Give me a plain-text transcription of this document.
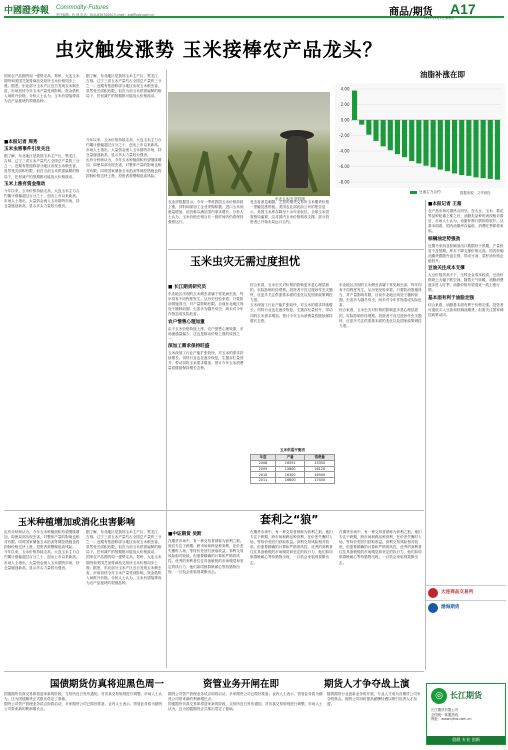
中國證券報 Commodity·Futures
责任编辑：孙 涛 电话：010-63070000 E-mail：zzb@zzb.com.cn	商品/期货 A17
2011年4月1日 星期五
虫灾触发涨势 玉米接棒农产品龙头？
国家农产品期货周一强势走高，郑州、大连玉米期货和美国芝加哥商品交易所玉米价格同步上涨。据悉，东北部分玉米产区近日发现玉米螟虫害，市场担忧今年玉米产量受到影响，资金借机入场推升价格。分析人士认为，玉米有望接棒成为农产品板块的领涨品种。
据了解，东北地区是我国玉米主产区，黑龙江、吉林、辽宁三省玉米产量约占全国总产量的三分之一。近期有报道称部分地区出现玉米螟虫害，虽然受灾面积有限，但在当前玉米供需偏紧的格局下，任何减产的预期都可能放大价格波动。
■本报记者 周秀
玉米虫害事件引发关注
据了解，东北地区是我国玉米主产区，黑龙江、吉林、辽宁三省玉米产量约占全国总产量的三分之一。近期有报道称部分地区出现玉米螟虫害，虽然受灾面积有限，但在当前玉米供需偏紧的格局下，任何减产的预期都可能放大价格波动。
玉米上涨有资金推动
今年以来，玉米价格持续走高，大连玉米主力合约累计涨幅超过百分之十，创出上市以来新高。市场人士指出，大量资金流入玉米期货市场，持仓量屡创新高，显示多头力量较为强劲。
今年以来，玉米价格持续走高，大连玉米主力合约累计涨幅超过百分之十，创出上市以来新高。市场人士指出，大量资金流入玉米期货市场，持仓量屡创新高，显示多头力量较为强劲。
也有分析师认为，今年玉米种植面积有望继续增加，即使局部出现虫害，对整体产量的影响也相对有限。同时国家储备玉米拍卖等调控措施也将抑制价格过快上涨，投资者需警惕追高风险。
东北玉米田 资料图
农业部数据显示，今年一季度我国玉米价格持续上涨，饲料和深加工企业采购积极。进口玉米到港量增加，但仍难以满足国内需求增长。分析人士认为，玉米价格在相当长一段时间内仍将保持强势运行。
受虫害消息刺激，芝加哥期货交易所玉米期货价格一度触及涨停板。美国农业部此前公布的报告显示，美国玉米库存降至十余年来低位，全球玉米供需格局偏紧，这对国内玉米价格构成支撑。部分投资者已开始布局远月合约。
油脂补涨在即
4.00
2.00
0.00
-2.00
-4.00
-6.00
-8.00
豆油主力合约	数据来源：文华财经
■本报记者 王超
农产品市场可谓热点纷呈。在大豆、玉米、棉花等品种轮番上涨之后，油脂类品种的表现相对滞后，市场人士认为，油脂补涨行情即将展开。从基本面看，国内油脂库存偏低，消费旺季即将来临。
棕榈油走势强劲
近期马来西亚棕榈油出口数据好于预期，产量恢复不及预期，库存下降支撑价格走高。国内棕榈油期货跟随外盘走强，带动豆油、菜籽油价格企稳回升。
豆油关注成本支撑
大豆价格居高不下，压榨企业成本较高，豆油价格缺乏大幅下跌空间。随着天气转暖，油脂消费逐步进入旺季，油脂价格有望迎来一波上涨行情。
基本面有利于油脂走强
综合来看，油脂基本面有利于价格走强，投资者可逢低买入豆油和棕榈油期货，但需关注国家调控政策动向。
玉米虫灾无需过度担忧
■ 长江期货研究员
东北地区出现的玉米螟虫害属于常见病虫害，每年均有不同程度发生。从历史经验来看，只要防治措施得当，对产量影响有限。目前东北地区尚处于播种前期，虫害多为越冬幼虫，尚未对今年作物造成实际危害。
农户惜售心理加重
由于玉米价格持续上涨，农户惜售心理较重，市场流通量偏少，这也是推动价格上涨的原因之一。
深加工需求保持旺盛
玉米深加工行业产能扩张较快，对玉米的需求持续增长。饲料行业也在逐步恢复，生猪存栏量回升，带动饲料玉米需求增加。预计今年玉米消费量将继续保持增长态势。
综合来看，玉米虫灾对价格的影响更多是心理层面的，实际影响有待观察。投资者不宜过度炒作虫灾题材，应更多关注供需基本面的变化以及国家政策调控力度。
玉米深加工行业产能扩张较快，对玉米的需求持续增长。饲料行业也在逐步恢复，生猪存栏量回升，带动饲料玉米需求增加。预计今年玉米消费量将继续保持增长态势。
东北地区出现的玉米螟虫害属于常见病虫害，每年均有不同程度发生。从历史经验来看，只要防治措施得当，对产量影响有限。目前东北地区尚处于播种前期，虫害多为越冬幼虫，尚未对今年作物造成实际危害。
综合来看，玉米虫灾对价格的影响更多是心理层面的，实际影响有待观察。投资者不宜过度炒作虫灾题材，应更多关注供需基本面的变化以及国家政策调控力度。
玉米供需平衡表
年度	产量	消费量
2008	16591	15350
2009	15800	16120
2010	16300	16900
2011	16800	17400
玉米种植增加或消化虫害影响
也有分析师认为，今年玉米种植面积有望继续增加，即使局部出现虫害，对整体产量的影响也相对有限。同时国家储备玉米拍卖等调控措施也将抑制价格过快上涨，投资者需警惕追高风险。
今年以来，玉米价格持续走高，大连玉米主力合约累计涨幅超过百分之十，创出上市以来新高。市场人士指出，大量资金流入玉米期货市场，持仓量屡创新高，显示多头力量较为强劲。
据了解，东北地区是我国玉米主产区，黑龙江、吉林、辽宁三省玉米产量约占全国总产量的三分之一。近期有报道称部分地区出现玉米螟虫害，虽然受灾面积有限，但在当前玉米供需偏紧的格局下，任何减产的预期都可能放大价格波动。
国家农产品期货周一强势走高，郑州、大连玉米期货和美国芝加哥商品交易所玉米价格同步上涨。据悉，东北部分玉米产区近日发现玉米螟虫害，市场担忧今年玉米产量受到影响，资金借机入场推升价格。分析人士认为，玉米有望接棒成为农产品板块的领涨品种。
套利之“狼”
■中证期货 吴斯
在期货市场中，有一种交易者被称为套利之狼。他们专注于跨期、跨市场和跨品种套利，在价差失衡时入场，等待价差回归获取收益。套利交易风险相对较低，但需要精确的计算和严格的风控。优秀的套利者往往具备敏锐的市场嗅觉和坚定的执行力，他们如同狼群般耐心等待猎物出现，一旦机会来临则果断出击。
在期货市场中，有一种交易者被称为套利之狼。他们专注于跨期、跨市场和跨品种套利，在价差失衡时入场，等待价差回归获取收益。套利交易风险相对较低，但需要精确的计算和严格的风控。优秀的套利者往往具备敏锐的市场嗅觉和坚定的执行力，他们如同狼群般耐心等待猎物出现，一旦机会来临则果断出击。
在期货市场中，有一种交易者被称为套利之狼。他们专注于跨期、跨市场和跨品种套利，在价差失衡时入场，等待价差回归获取收益。套利交易风险相对较低，但需要精确的计算和严格的风控。优秀的套利者往往具备敏锐的市场嗅觉和坚定的执行力，他们如同狼群般耐心等待猎物出现，一旦机会来临则果断出击。
大连商品交易所
渤海期货
国债期货仿真将迎黑色周一	资管业务开闸在即	期货人才争夺战上演
国债期货仿真交易即将迎来新的阶段，交易所近日发布通知，对仿真交易规则进行调整。市场人士认为，这为国债期货正式推出奠定了基础。
期货公司资产管理业务试点即将启动，多家期货公司已做好准备。业内人士表示，资管业务将为期货公司带来新的利润增长点。
期货公司资产管理业务试点即将启动，多家期货公司已做好准备。业内人士表示，资管业务将为期货公司带来新的利润增长点。
国债期货仿真交易即将迎来新的阶段，交易所近日发布通知，对仿真交易规则进行调整。市场人士认为，这为国债期货正式推出奠定了基础。
随着期货行业创新业务的开展，专业人才成为各期货公司争夺的焦点。期货公司纷纷提高薪酬待遇以吸引优秀人才加盟。
◎ 长江期货
长江期货有限公司
全国统一客服热线
网址：www.cjfco.com.cn
稳健 专业 创新
